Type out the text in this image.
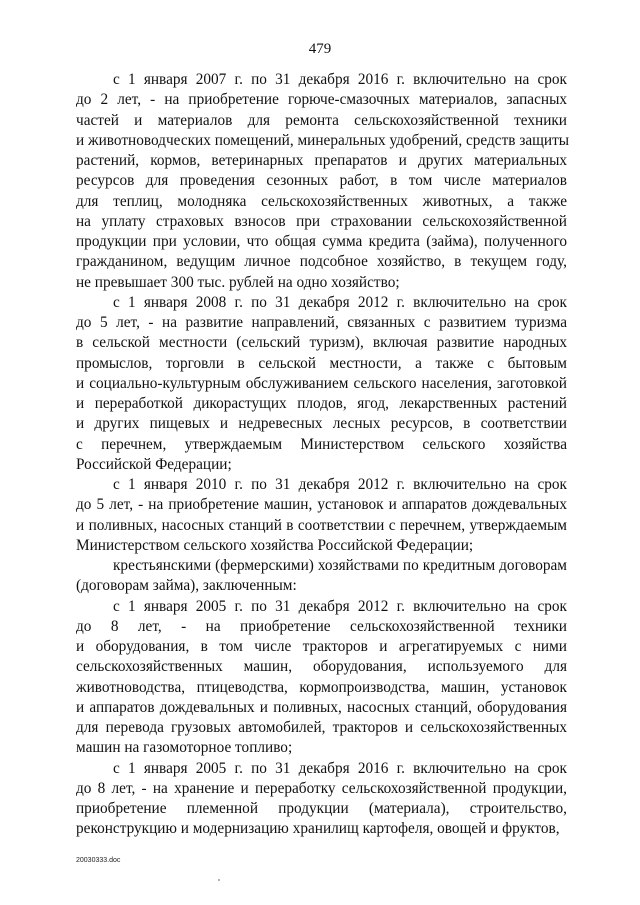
479

с 1 января 2007 г. по 31 декабря 2016 г. включительно на срок
до 2 лет, - на приобретение горюче-смазочных материалов, запасных
частей и материалов для ремонта сельскохозяйственной техники
и животноводческих помещений, минеральных удобрений, средств защиты
растений, кормов, ветеринарных препаратов и других материальных
ресурсов для проведения сезонных работ, в том числе материалов
для теплиц, молодняка сельскохозяйственных животных, а также
на уплату страховых взносов при страховании сельскохозяйственной
продукции при условии, что общая сумма кредита (займа), полученного
гражданином, ведущим личное подсобное хозяйство, в текущем году,
не превышает 300 тыс. рублей на одно хозяйство;

с 1 января 2008 г. по 31 декабря 2012 г. включительно на срок
до 5 лет, - на развитие направлений, связанных с развитием туризма
в сельской местности (сельский туризм), включая развитие народных
промыслов, торговли в сельской местности, а также с бытовым
и социально-культурным обслуживанием сельского населения, заготовкой
и переработкой дикорастущих плодов, ягод, лекарственных растений
и других пищевых и недревесных лесных ресурсов, в соответствии
с перечнем, утверждаемым Министерством сельского хозяйства
Российской Федерации;

с 1 января 2010 г. по 31 декабря 2012 г. включительно на срок
до 5 лет, - на приобретение машин, установок и аппаратов дождевальных
и поливных, насосных станций в соответствии с перечнем, утверждаемым
Министерством сельского хозяйства Российской Федерации;

крестьянскими (фермерскими) хозяйствами по кредитным договорам
(договорам займа), заключенным:

с 1 января 2005 г. по 31 декабря 2012 г. включительно на срок
до 8 лет, - на приобретение сельскохозяйственной техники
и оборудования, в том числе тракторов и агрегатируемых с ними
сельскохозяйственных машин, оборудования, используемого для
животноводства, птицеводства, кормопроизводства, машин, установок
и аппаратов дождевальных и поливных, насосных станций, оборудования
для перевода грузовых автомобилей, тракторов и сельскохозяйственных
машин на газомоторное топливо;

с 1 января 2005 г. по 31 декабря 2016 г. включительно на срок
до 8 лет, - на хранение и переработку сельскохозяйственной продукции,
приобретение племенной продукции (материала), строительство,
реконструкцию и модернизацию хранилищ картофеля, овощей и фруктов,

20030333.doc
